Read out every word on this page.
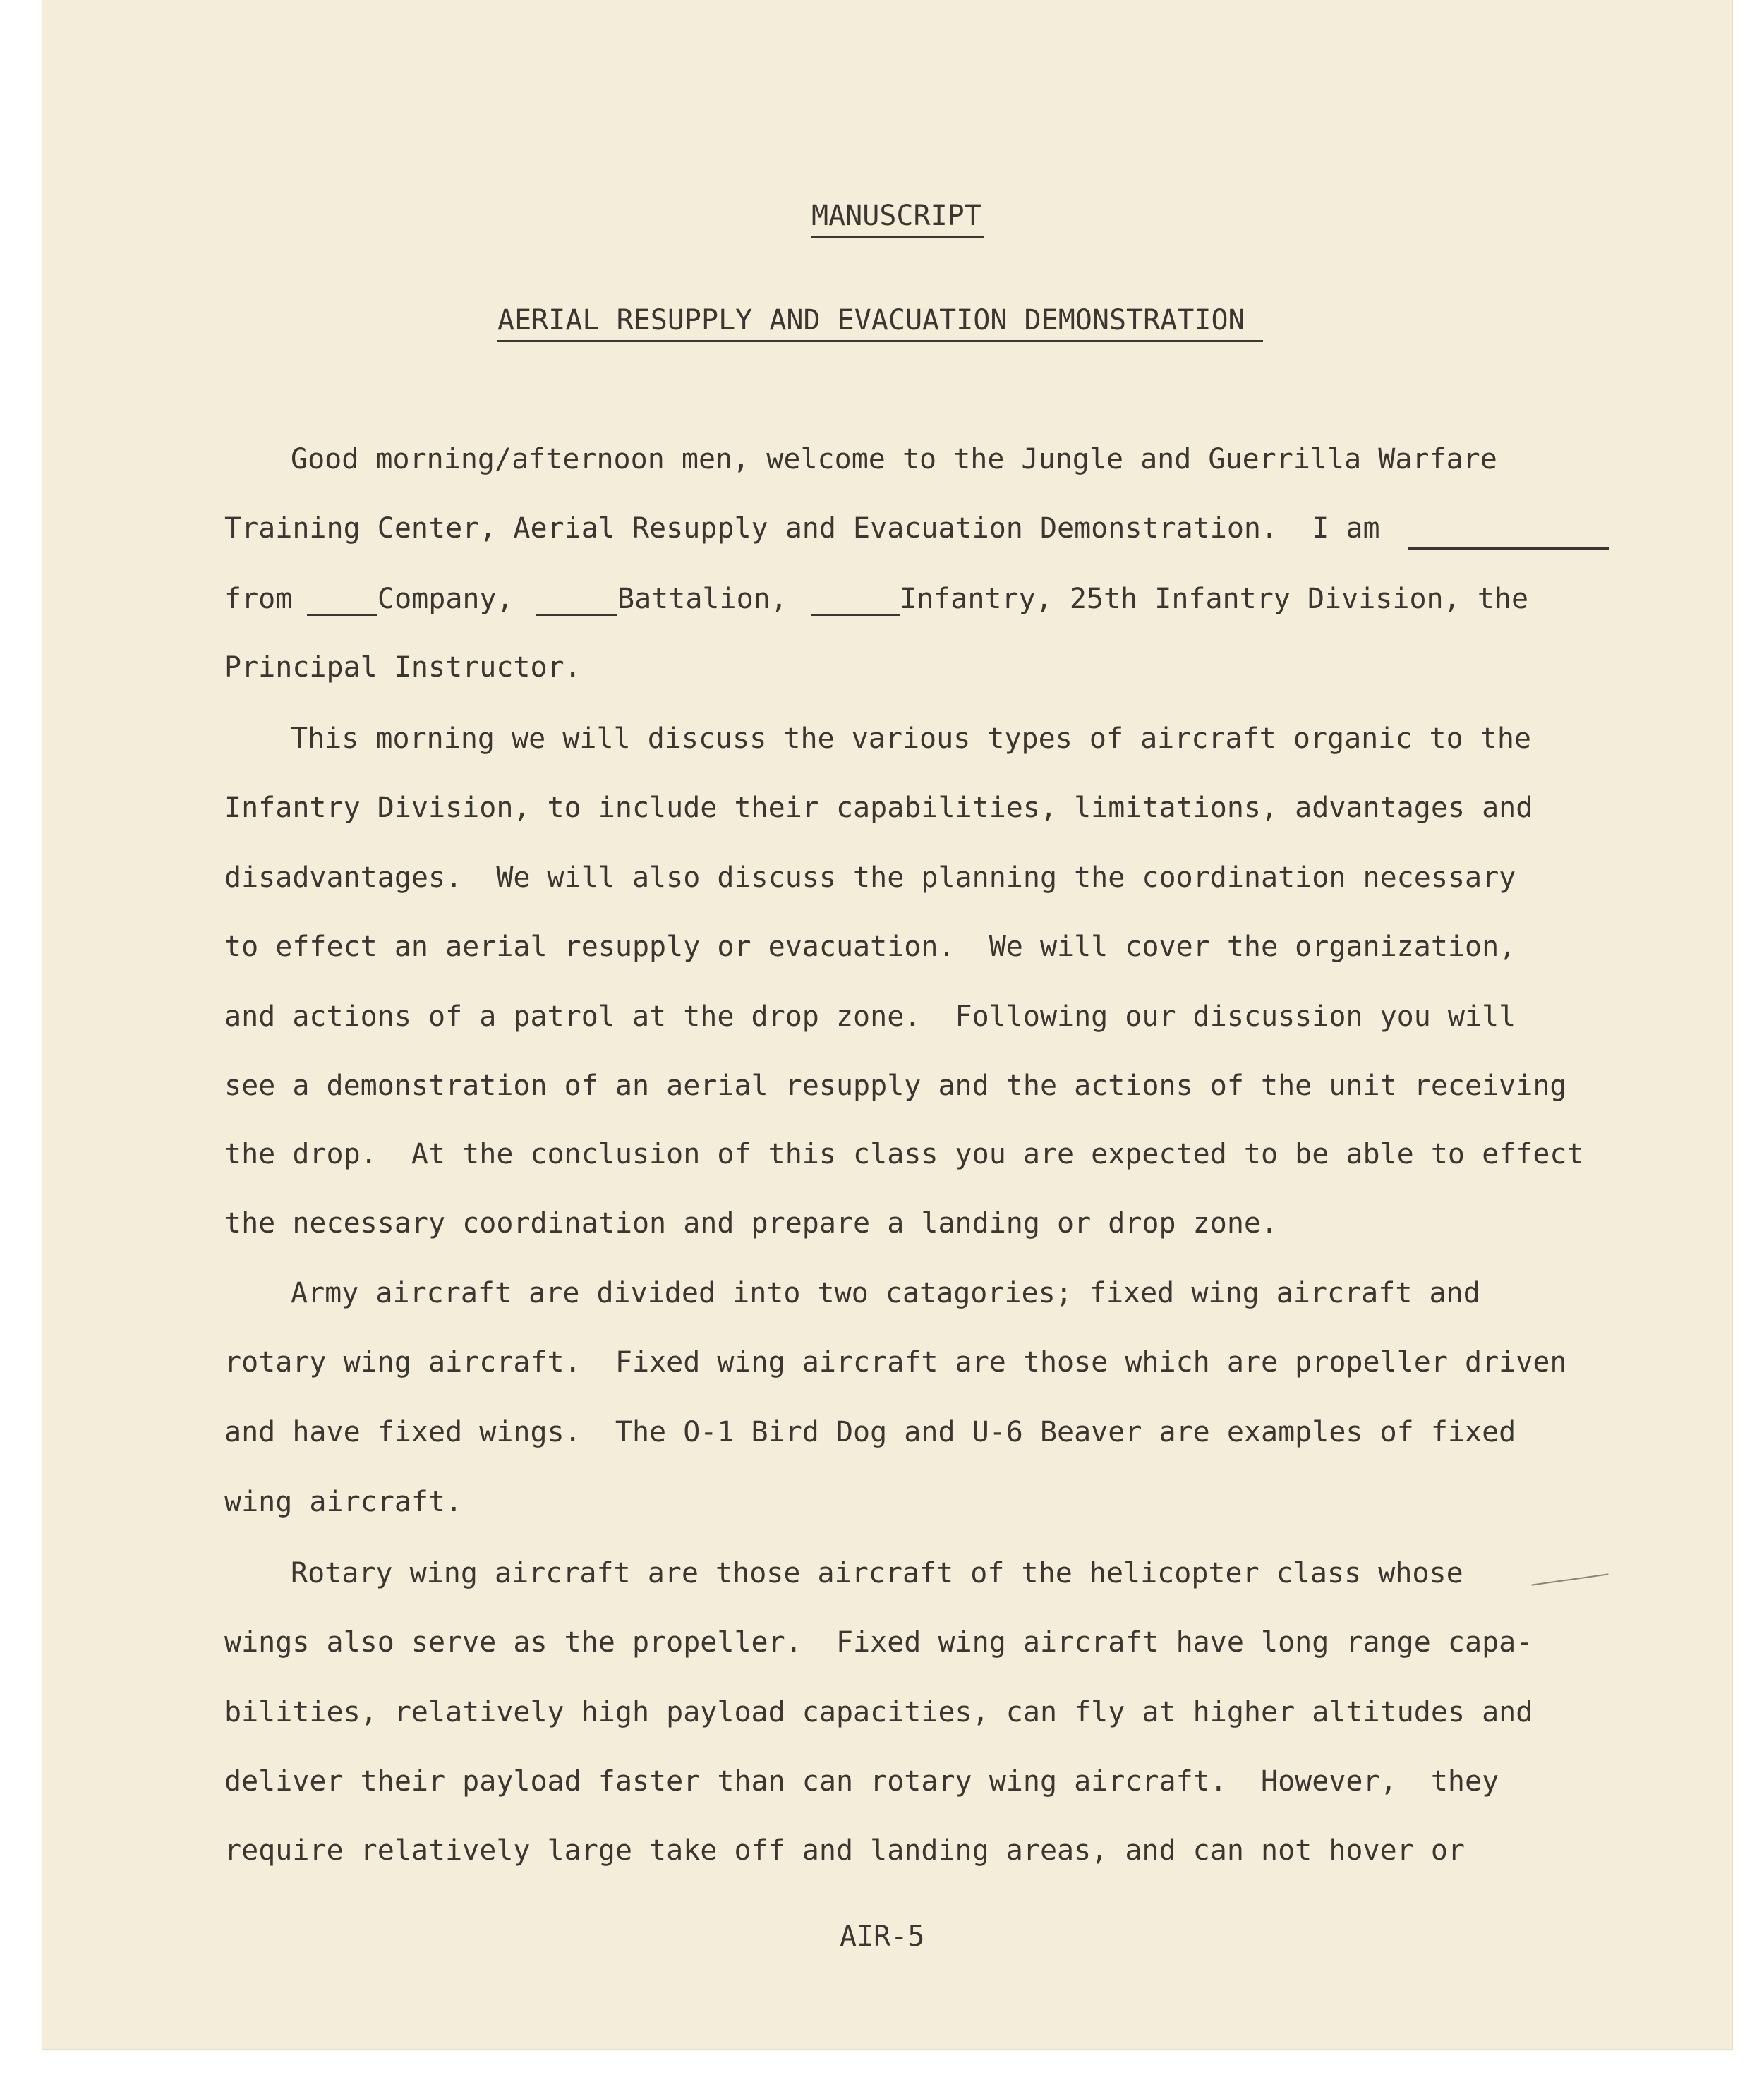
MANUSCRIPT
AERIAL RESUPPLY AND EVACUATION DEMONSTRATION
Good morning/afternoon men, welcome to the Jungle and Guerrilla Warfare
Training Center, Aerial Resupply and Evacuation Demonstration.  I am
from	Company,	Battalion,	Infantry, 25th Infantry Division, the
Principal Instructor.
This morning we will discuss the various types of aircraft organic to the
Infantry Division, to include their capabilities, limitations, advantages and
disadvantages.  We will also discuss the planning the coordination necessary
to effect an aerial resupply or evacuation.  We will cover the organization,
and actions of a patrol at the drop zone.  Following our discussion you will
see a demonstration of an aerial resupply and the actions of the unit receiving
the drop.  At the conclusion of this class you are expected to be able to effect
the necessary coordination and prepare a landing or drop zone.
Army aircraft are divided into two catagories; fixed wing aircraft and
rotary wing aircraft.  Fixed wing aircraft are those which are propeller driven
and have fixed wings.  The O-1 Bird Dog and U-6 Beaver are examples of fixed
wing aircraft.
Rotary wing aircraft are those aircraft of the helicopter class whose
wings also serve as the propeller.  Fixed wing aircraft have long range capa-
bilities, relatively high payload capacities, can fly at higher altitudes and
deliver their payload faster than can rotary wing aircraft.  However,  they
require relatively large take off and landing areas, and can not hover or
AIR-5
